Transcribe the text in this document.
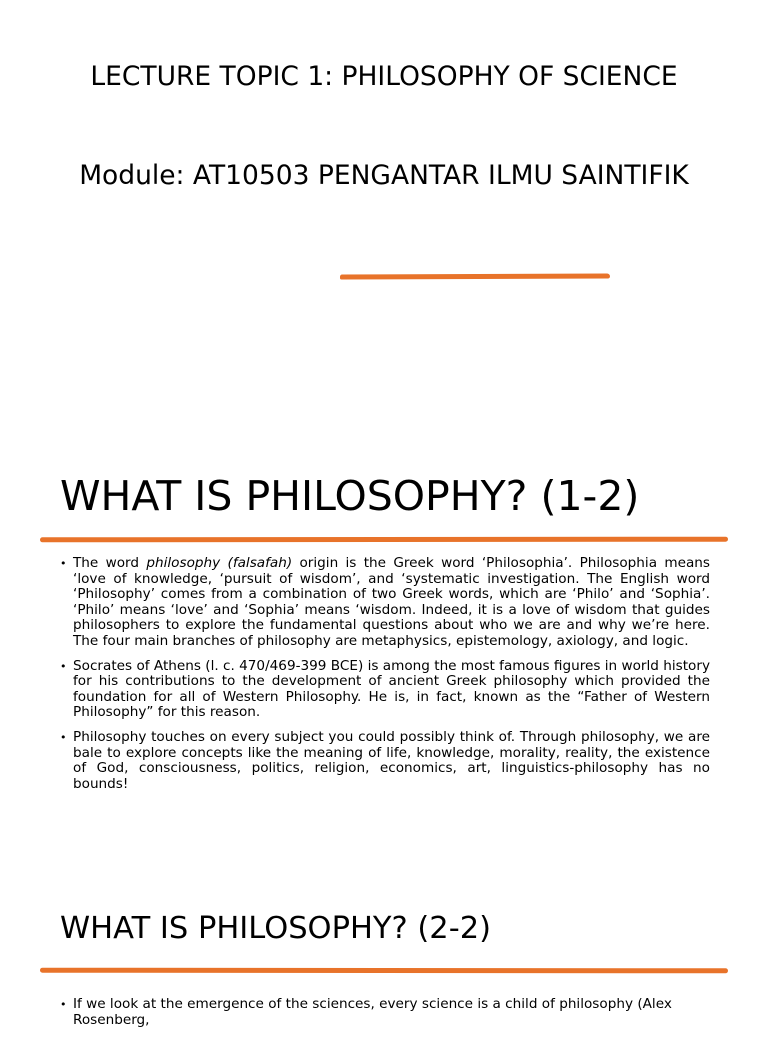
LECTURE TOPIC 1: PHILOSOPHY OF SCIENCE
Module: AT10503 PENGANTAR ILMU SAINTIFIK
WHAT IS PHILOSOPHY? (1-2)
• The word philosophy (falsafah) origin is the Greek word ‘Philosophia’. Philosophia means ‘love of knowledge, ‘pursuit of wisdom’, and ‘systematic investigation. The English word ‘Philosophy’ comes from a combination of two Greek words, which are ‘Philo’ and ‘Sophia’. ‘Philo’ means ‘love’ and ‘Sophia’ means ‘wisdom. Indeed, it is a love of wisdom that guides philosophers to explore the fundamental questions about who we are and why we’re here. The four main branches of philosophy are metaphysics, epistemology, axiology, and logic.
• Socrates of Athens (l. c. 470/469-399 BCE) is among the most famous figures in world history for his contributions to the development of ancient Greek philosophy which provided the foundation for all of Western Philosophy. He is, in fact, known as the “Father of Western Philosophy” for this reason.
• Philosophy touches on every subject you could possibly think of. Through philosophy, we are bale to explore concepts like the meaning of life, knowledge, morality, reality, the existence of God, consciousness, politics, religion, economics, art, linguistics-philosophy has no bounds!
WHAT IS PHILOSOPHY? (2-2)
• If we look at the emergence of the sciences, every science is a child of philosophy (Alex Rosenberg,
